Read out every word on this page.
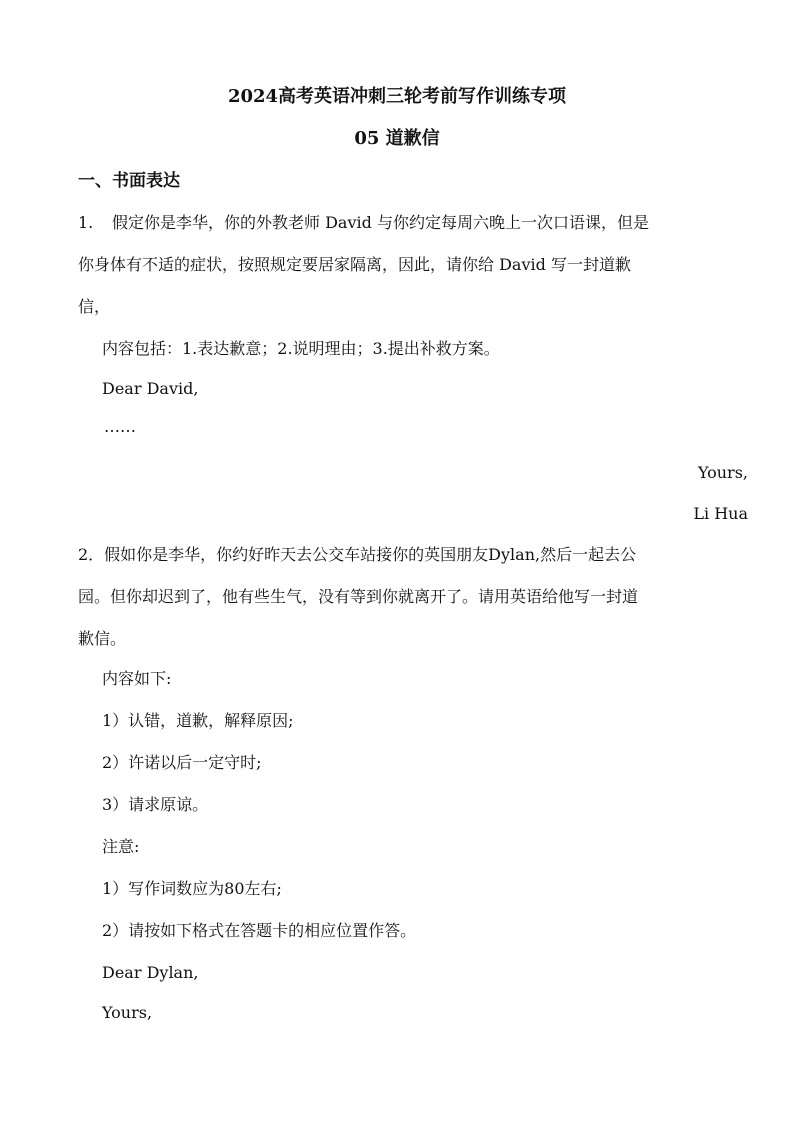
2024高考英语冲刺三轮考前写作训练专项
05 道歉信
一、书面表达
1. 假定你是李华，你的外教老师 David 与你约定每周六晚上一次口语课，但是
你身体有不适的症状，按照规定要居家隔离，因此，请你给 David 写一封道歉
信，
内容包括：1.表达歉意；2.说明理由；3.提出补救方案。
Dear David,
……
Yours,
Li Hua
2．假如你是李华，你约好昨天去公交车站接你的英国朋友Dylan,然后一起去公
园。但你却迟到了，他有些生气，没有等到你就离开了。请用英语给他写一封道
歉信。
内容如下:
1）认错，道歉，解释原因;
2）许诺以后一定守时;
3）请求原谅。
注意:
1）写作词数应为80左右;
2）请按如下格式在答题卡的相应位置作答。
Dear Dylan,
Yours,
